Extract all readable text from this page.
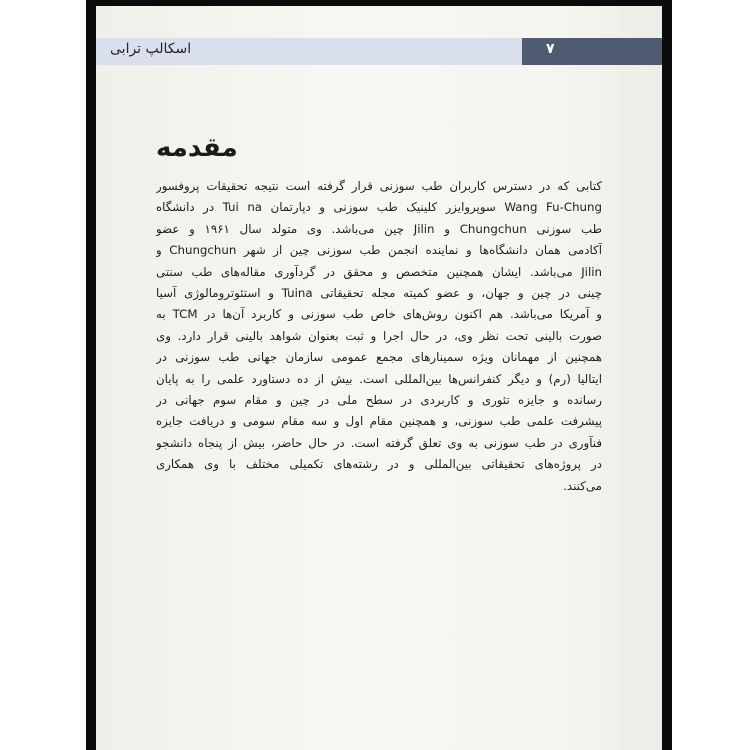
اسکالپ ترابی	۷
مقدمه
کتابی که در دسترس کاربران طب سوزنی قرار گرفته است نتیجه تحقیقات پروفسور
Wang Fu-Chung سوپروایزر کلینیک طب سوزنی و دپارتمان Tui na در دانشگاه
طب سوزنی Chungchun و Jilin چین می‌باشد. وی متولد سال ۱۹۶۱ و عضو
آکادمی همان دانشگاه‌ها و نماینده انجمن طب سوزنی چین از شهر Chungchun و
Jilin می‌باشد. ایشان همچنین متخصص و محقق در گردآوری مقاله‌های طب سنتی
چینی در چین و جهان، و عضو کمیته مجله تحقیقاتی Tuina و استئوترومالوژی آسیا
و آمریکا می‌باشد. هم اکنون روش‌های خاص طب سوزنی و کاربرد آن‌ها در TCM به
صورت بالینی تحت نظر وی، در حال اجرا و ثبت بعنوان شواهد بالینی قرار دارد. وی
همچنین از مهمانان ویژه سمینارهای مجمع عمومی سازمان جهانی طب سوزنی در
ایتالیا (رم) و دیگر کنفرانس‌ها بین‌المللی است. بیش از ده دستاورد علمی را به پایان
رسانده و جایزه تئوری و کاربردی در سطح ملی در چین و مقام سوم جهانی در
پیشرفت علمی طب سوزنی، و همچنین مقام اول و سه مقام سومی و دریافت جایزه
فنآوری در طب سوزنی به وی تعلق گرفته است. در حال حاضر، بیش از پنجاه دانشجو
در پروژه‌های تحقیقاتی بین‌المللی و در رشته‌های تکمیلی مختلف با وی همکاری
می‌کنند.
